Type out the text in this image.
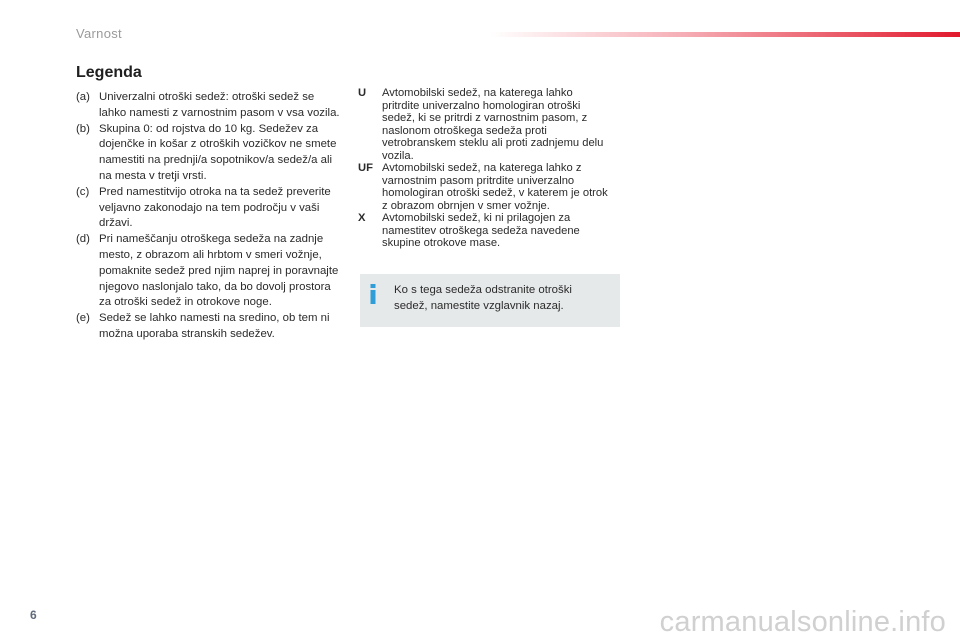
Varnost
Legenda
(a) Univerzalni otroški sedež: otroški sedež se lahko namesti z varnostnim pasom v vsa vozila.
(b) Skupina 0: od rojstva do 10 kg. Sedežev za dojenčke in košar z otroških vozičkov ne smete namestiti na prednji/a sopotnikov/a sedež/a ali na mesta v tretji vrsti.
(c) Pred namestitvijo otroka na ta sedež preverite veljavno zakonodajo na tem področju v vaši državi.
(d) Pri nameščanju otroškega sedeža na zadnje mesto, z obrazom ali hrbtom v smeri vožnje, pomaknite sedež pred njim naprej in poravnajte njegovo naslonjalo tako, da bo dovolj prostora za otroški sedež in otrokove noge.
(e) Sedež se lahko namesti na sredino, ob tem ni možna uporaba stranskih sedežev.
U	Avtomobilski sedež, na katerega lahko pritrdite univerzalno homologiran otroški sedež, ki se pritrdi z varnostnim pasom, z naslonom otroškega sedeža proti vetrobranskem steklu ali proti zadnjemu delu vozila.
UF Avtomobilski sedež, na katerega lahko z varnostnim pasom pritrdite univerzalno homologiran otroški sedež, v katerem je otrok z obrazom obrnjen v smer vožnje.
X	Avtomobilski sedež, ki ni prilagojen za namestitev otroškega sedeža navedene skupine otrokove mase.
Ko s tega sedeža odstranite otroški sedež, namestite vzglavnik nazaj.
6	carmanualsonline.info
